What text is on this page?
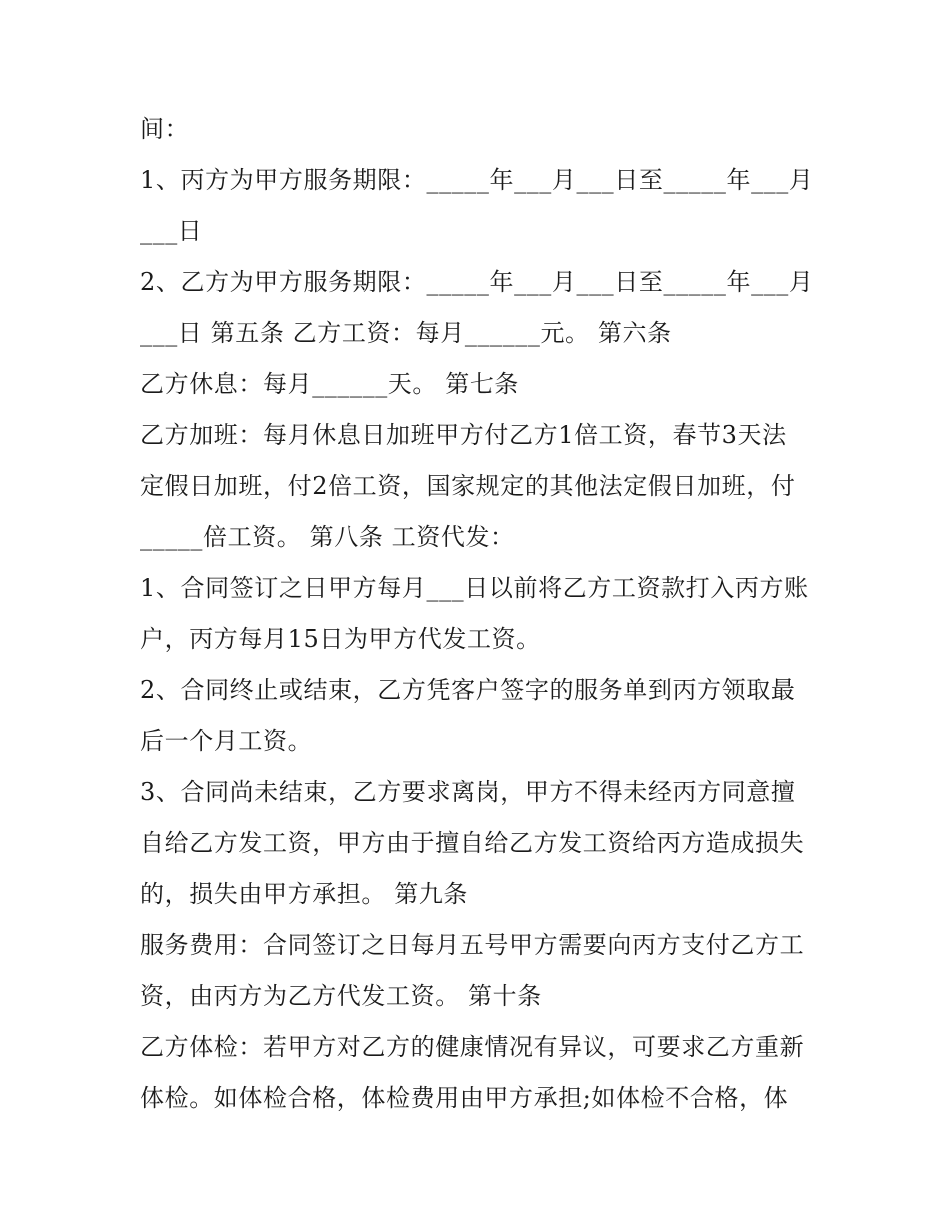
间：
1、丙方为甲方服务期限：_____年___月___日至_____年___月
___日
2、乙方为甲方服务期限：_____年___月___日至_____年___月
___日 第五条 乙方工资：每月______元。 第六条
乙方休息：每月______天。 第七条
乙方加班：每月休息日加班甲方付乙方1倍工资，春节3天法
定假日加班，付2倍工资，国家规定的其他法定假日加班，付
_____倍工资。 第八条 工资代发：
1、合同签订之日甲方每月___日以前将乙方工资款打入丙方账
户，丙方每月15日为甲方代发工资。
2、合同终止或结束，乙方凭客户签字的服务单到丙方领取最
后一个月工资。
3、合同尚未结束，乙方要求离岗，甲方不得未经丙方同意擅
自给乙方发工资，甲方由于擅自给乙方发工资给丙方造成损失
的，损失由甲方承担。 第九条
服务费用：合同签订之日每月五号甲方需要向丙方支付乙方工
资，由丙方为乙方代发工资。 第十条
乙方体检：若甲方对乙方的健康情况有异议，可要求乙方重新
体检。如体检合格，体检费用由甲方承担;如体检不合格，体
